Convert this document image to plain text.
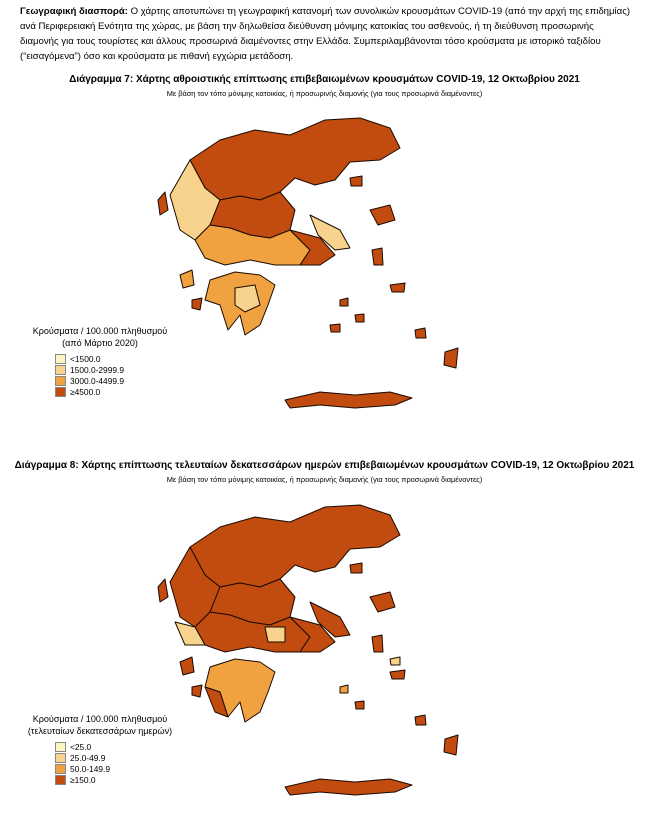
Γεωγραφική διασπορά: Ο χάρτης αποτυπώνει τη γεωγραφική κατανομή των συνολικών κρουσμάτων COVID-19 (από την αρχή της επιδημίας) ανά Περιφερειακή Ενότητα της χώρας, με βάση την δηλωθείσα διεύθυνση μόνιμης κατοικίας του ασθενούς, ή τη διεύθυνση προσωρινής διαμονής για τους τουρίστες και άλλους προσωρινά διαμένοντες στην Ελλάδα. Συμπεριλαμβάνονται τόσο κρούσματα με ιστορικό ταξιδίου (“εισαγόμενα”) όσο και κρούσματα με πιθανή εγχώρια μετάδοση.
Διάγραμμα 7: Χάρτης αθροιστικής επίπτωσης επιβεβαιωμένων κρουσμάτων COVID-19, 12 Οκτωβρίου 2021
Με βάση τον τόπο μόνιμης κατοικίας, ή προσωρινής διαμονής (για τους προσωρινά διαμένοντες)
Κρούσματα / 100.000 πληθυσμού
(από Μάρτιο 2020)
<1500.0
1500.0-2999.9
3000.0-4499.9
≥4500.0
Διάγραμμα 8: Χάρτης επίπτωσης τελευταίων δεκατεσσάρων ημερών επιβεβαιωμένων κρουσμάτων COVID-19, 12 Οκτωβρίου 2021
Με βάση τον τόπο μόνιμης κατοικίας, ή προσωρινής διαμονής (για τους προσωρινά διαμένοντες)
Κρούσματα / 100.000 πληθυσμού
(τελευταίων δεκατεσσάρων ημερών)
<25.0
25.0-49.9
50.0-149.9
≥150.0
